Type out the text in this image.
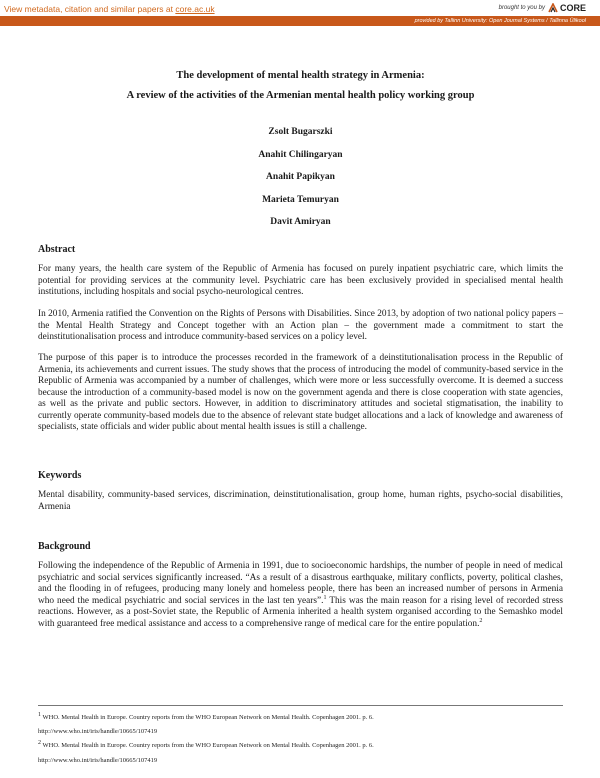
View metadata, citation and similar papers at core.ac.uk	brought to you by CORE
provided by Tallinn University: Open Journal Systems / Tallinna Ülikool
The development of mental health strategy in Armenia:
A review of the activities of the Armenian mental health policy working group
Zsolt Bugarszki
Anahit Chilingaryan
Anahit Papikyan
Marieta Temuryan
Davit Amiryan
Abstract

For many years, the health care system of the Republic of Armenia has focused on purely inpatient psychiatric care, which limits the potential for providing services at the community level. Psychiatric care has been exclusively provided in specialised mental health institutions, including hospitals and social psycho-neurological centres.

In 2010, Armenia ratified the Convention on the Rights of Persons with Disabilities. Since 2013, by adoption of two national policy papers – the Mental Health Strategy and Concept together with an Action plan – the government made a commitment to start the deinstitutionalisation process and introduce community-based services on a policy level.

The purpose of this paper is to introduce the processes recorded in the framework of a deinstitutionalisation process in the Republic of Armenia, its achievements and current issues. The study shows that the process of introducing the model of community-based service in the Republic of Armenia was accompanied by a number of challenges, which were more or less successfully overcome. It is deemed a success because the introduction of a community-based model is now on the government agenda and there is close cooperation with state agencies, as well as the private and public sectors. However, in addition to discriminatory attitudes and societal stigmatisation, the inability to currently operate community-based models due to the absence of relevant state budget allocations and a lack of knowledge and awareness of specialists, state officials and wider public about mental health issues is still a challenge.

Keywords

Mental disability, community-based services, discrimination, deinstitutionalisation, group home, human rights, psycho-social disabilities, Armenia

Background

Following the independence of the Republic of Armenia in 1991, due to socioeconomic hardships, the number of people in need of medical psychiatric and social services significantly increased. “As a result of a disastrous earthquake, military conflicts, poverty, political clashes, and the flooding in of refugees, producing many lonely and homeless people, there has been an increased number of persons in Armenia who need the medical psychiatric and social services in the last ten years”.$^1$ This was the main reason for a rising level of recorded stress reactions. However, as a post-Soviet state, the Republic of Armenia inherited a health system organised according to the Semashko model with guaranteed free medical assistance and access to a comprehensive range of medical care for the entire population.$^2$

$^1$ WHO. Mental Health in Europe. Country reports from the WHO European Network on Mental Health. Copenhagen 2001. p. 6.
http://www.who.int/iris/handle/10665/107419
$^2$ WHO. Mental Health in Europe. Country reports from the WHO European Network on Mental Health. Copenhagen 2001. p. 6.
http://www.who.int/iris/handle/10665/107419
